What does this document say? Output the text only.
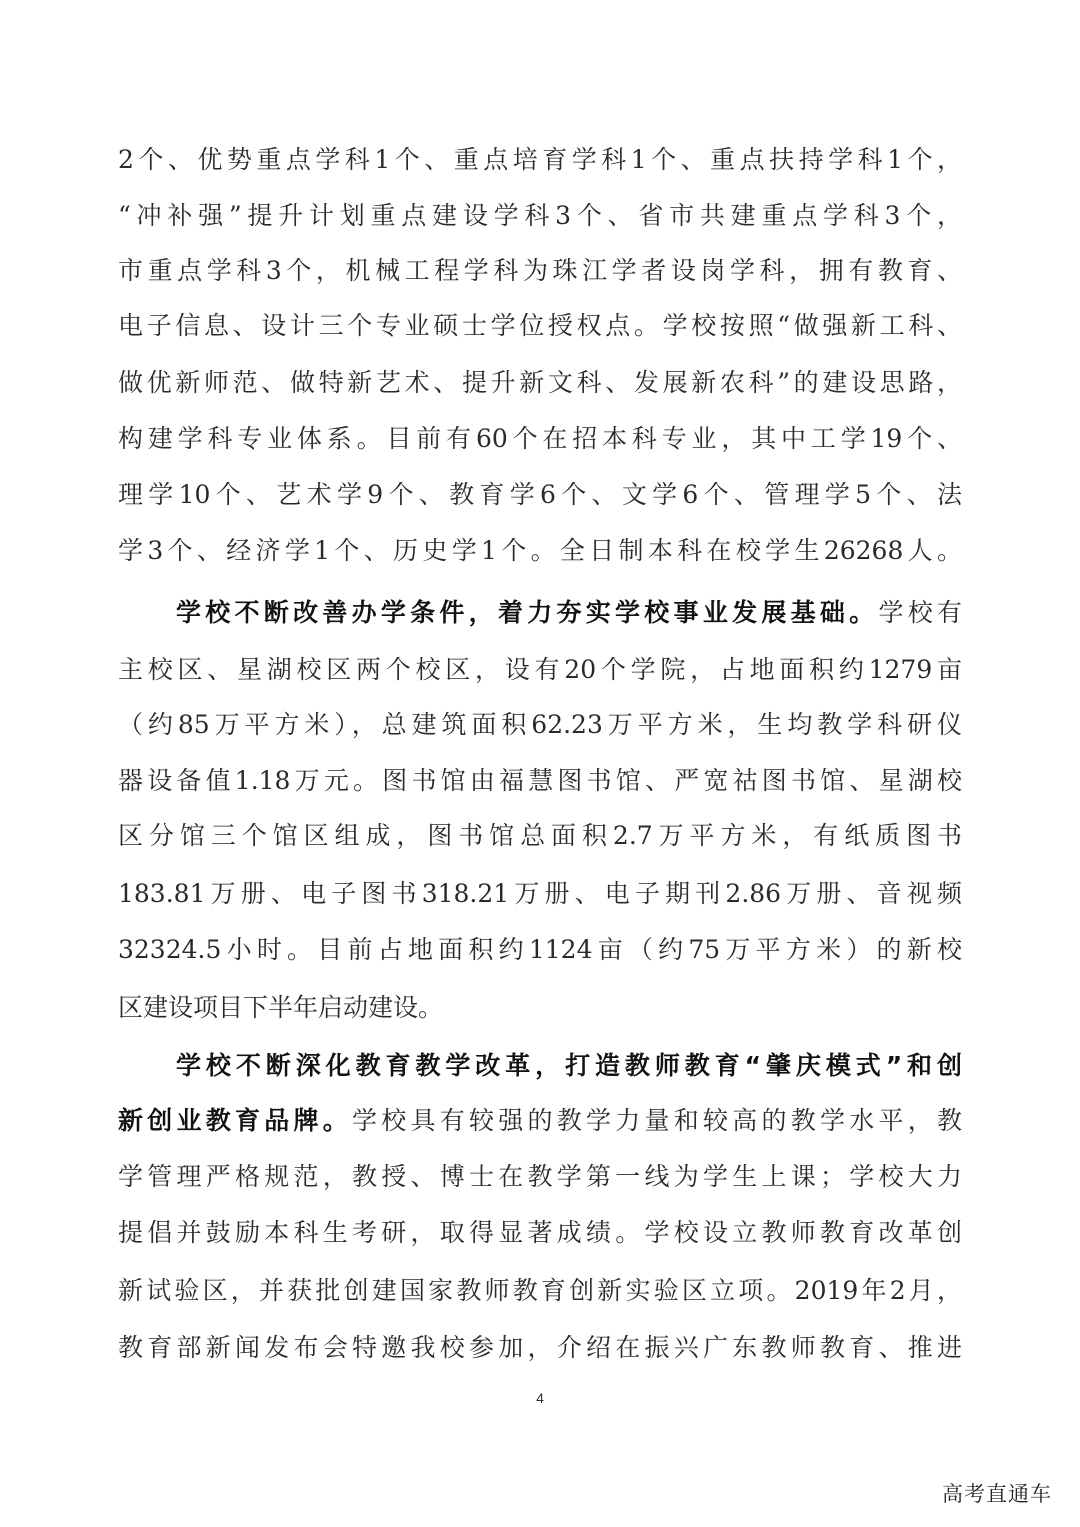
2个、优势重点学科1个、重点培育学科1个、重点扶持学科1个，
“冲补强”提升计划重点建设学科3个、省市共建重点学科3个，
市重点学科3个，机械工程学科为珠江学者设岗学科，拥有教育、
电子信息、设计三个专业硕士学位授权点。学校按照“做强新工科、
做优新师范、做特新艺术、提升新文科、发展新农科”的建设思路，
构建学科专业体系。目前有60个在招本科专业，其中工学19个、
理学10个、艺术学9个、教育学6个、文学6个、管理学5个、法
学3个、经济学1个、历史学1个。全日制本科在校学生26268人。
学校不断改善办学条件，着力夯实学校事业发展基础。学校有
主校区、星湖校区两个校区，设有20个学院，占地面积约1279亩
（约85万平方米），总建筑面积62.23万平方米，生均教学科研仪
器设备值1.18万元。图书馆由福慧图书馆、严宽祜图书馆、星湖校
区分馆三个馆区组成，图书馆总面积2.7万平方米，有纸质图书
183.81万册、电子图书318.21万册、电子期刊2.86万册、音视频
32324.5小时。目前占地面积约1124亩（约75万平方米）的新校
区建设项目下半年启动建设。
学校不断深化教育教学改革，打造教师教育“肇庆模式”和创
新创业教育品牌。学校具有较强的教学力量和较高的教学水平，教
学管理严格规范，教授、博士在教学第一线为学生上课；学校大力
提倡并鼓励本科生考研，取得显著成绩。学校设立教师教育改革创
新试验区，并获批创建国家教师教育创新实验区立项。2019年2月，
教育部新闻发布会特邀我校参加，介绍在振兴广东教师教育、推进
4
高考直通车
